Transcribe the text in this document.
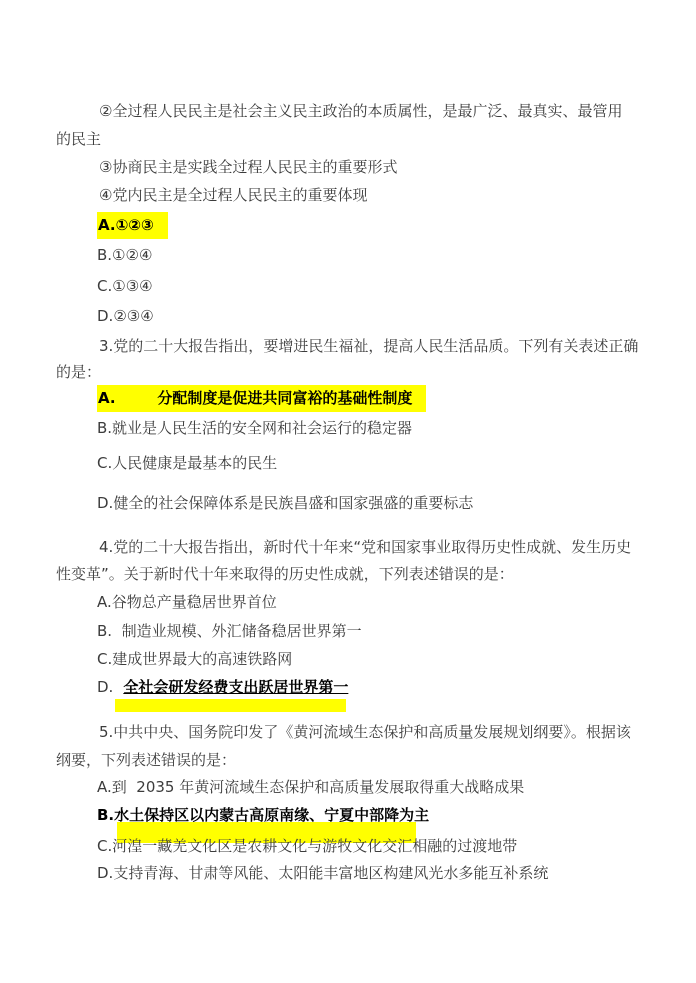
②全过程人民民主是社会主义民主政治的本质属性，是最广泛、最真实、最管用
的民主
③协商民主是实践全过程人民民主的重要形式
④党内民主是全过程人民民主的重要体现
A.①②③
B.①②④
C.①③④
D.②③④
3.党的二十大报告指出，要增进民生福祉，提高人民生活品质。下列有关表述正确
的是：
A.        分配制度是促进共同富裕的基础性制度
B.就业是人民生活的安全网和社会运行的稳定器
C.人民健康是最基本的民生
D.健全的社会保障体系是民族昌盛和国家强盛的重要标志
4.党的二十大报告指出，新时代十年来“党和国家事业取得历史性成就、发生历史
性变革”。关于新时代十年来取得的历史性成就，下列表述错误的是：
A.谷物总产量稳居世界首位
B.  制造业规模、外汇储备稳居世界第一
C.建成世界最大的高速铁路网
D. 全社会研发经费支出跃居世界第一
5.中共中央、国务院印发了《黄河流域生态保护和高质量发展规划纲要》。根据该
纲要，下列表述错误的是：
A.到  2035 年黄河流域生态保护和高质量发展取得重大战略成果
B.水土保持区以内蒙古高原南缘、宁夏中部降为主
C.河湟一藏羌文化区是农耕文化与游牧文化交汇相融的过渡地带
D.支持青海、甘肃等风能、太阳能丰富地区构建风光水多能互补系统
